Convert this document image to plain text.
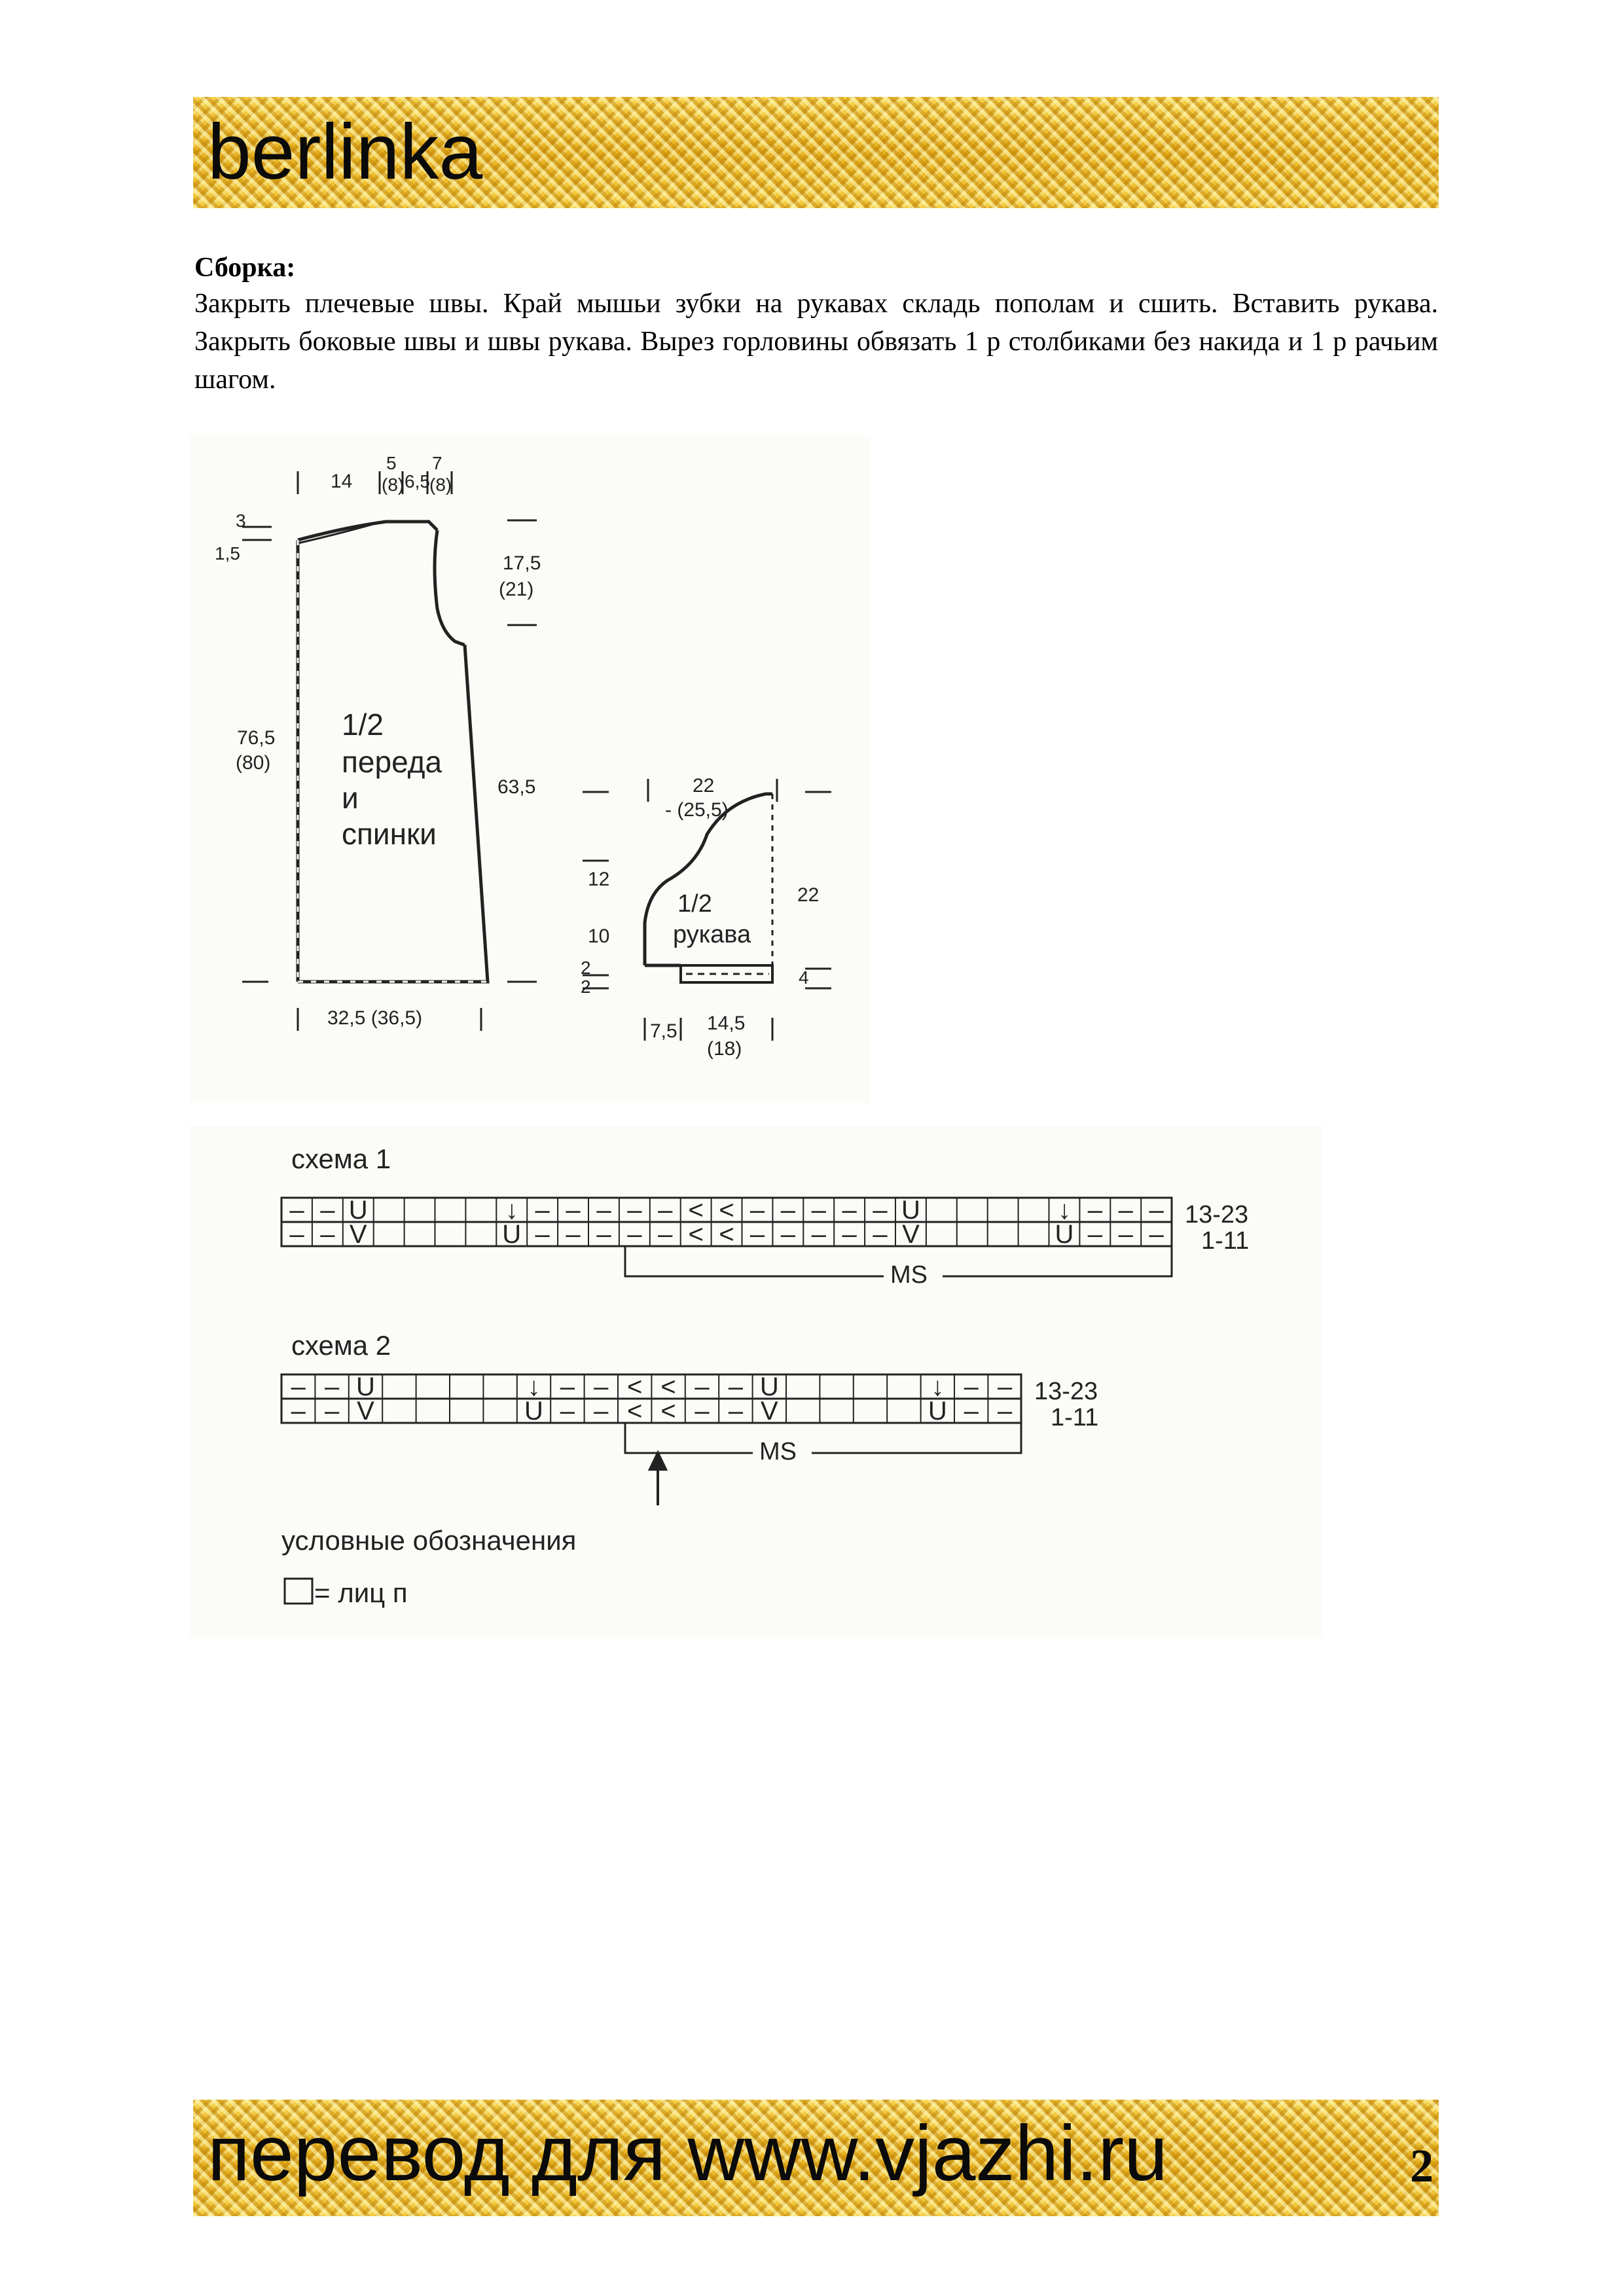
berlinka
Сборка:
Закрыть плечевые швы. Край мышьи зубки на рукавах складь пополам и сшить. Вставить рукава. Закрыть боковые швы и швы рукава. Вырез горловины обвязать 1 р столбиками без накида и 1 р рачьим шагом.
14
5
(8) 6,5
7
(8)
3
1,5	17,5
(21)
76,5
(80)
63,5
32,5 (36,5)
1/2
переда
и
спинки
22
- (25,5)
12
10
2
2
22
4
7,5 14,5
(18)
1/2
рукава
схема 1
– – U	↓ – – – – – < < – – – – – U	↓ – – –
– – V	U – – – – – < < – – – – – V	U – – –
13-23
1-11
MS
схема 2
– – U	↓ – – < < – – U	↓ – –
– – V	U – – < < – – V	U – –
13-23
1-11
MS
условные обозначения
= лиц п
перевод для www.vjazhi.ru	2
